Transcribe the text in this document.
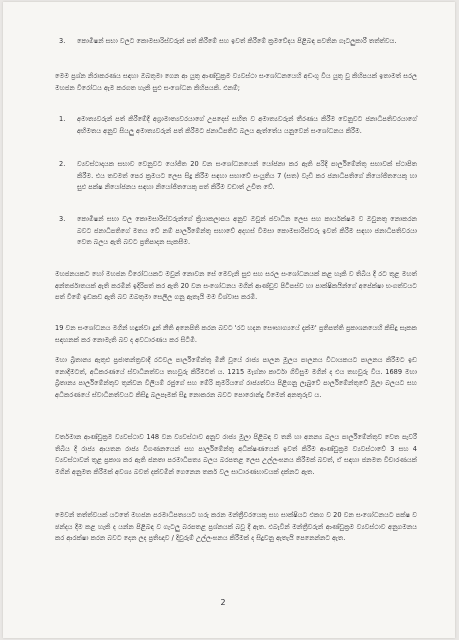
3.	කොමිෂන් සභා වලට කොමසාරිස්වරුන් පත් කිරීමේ සහ ඉවත් කිරීමේ ක්‍රමවේදය පිළිබඳ පවතින ගැටලුකාරී තත්ත්වය.

මෙම ප්‍රශ්න නිරාකරණය සඳහා ඔබතුමා ගෙන ආ යුතු ආණ්ඩුක්‍රම ව්‍යවස්ථා සංශෝධනයෙහි අඩංගු විය යුතු වු කිහිපයක් ඉතාමත් සරල මහජන විරෝධය ඇම කරගත හැකි සුළු සංශෝධන කිහිපයකි. එනම්;

1.	අමාත්‍යවරුන් පත් කිරීමේදී අග්‍රාමාත්‍යවරයාගේ උපදෙස් සහිත ව අමාත්‍යවරුන් තීරණය කිරීම වෙනුවට ජනාධිපතිවරයාගේ අභිමතය අනුව සියලු අමාත්‍යවරුන් පත් කිරීමට ජනාධිපතිට බලය ඇත්තේය යනුවෙන් සංශෝධනය කිරීම.
2.	ව්‍යවස්ථාදායක සභාව වෙනුවට යෝජිත 20 වන සංශෝධනයෙන් යෝජනා කර ඇති පරිදි පාර්ලිමේන්තු සභාවක් ස්ථාපිත කිරීම. එය තවමත් පෙර ක්‍රමයට ලෙස සිදු කිරීම සඳහා සභාවේ සංයුතිය 7 (සත) වැඩි කර ජනාධිපතිගේ නියෝජිතයෙකු හා සුළු පක්ෂ නියෝජනය සඳහා නියෝජිතයෙකු පත් කිරීම වඩාත් උචිත වේ.
3.	කොමිෂන් සභා වල කොමසාරිස්වරුන්ගේ ක්‍රියාකලාපය අනුව ඔවුන් ජවාධීන ලෙස සහ කාර්යක්ෂම ව ඔවුනතු නොකරන බවට ජනාධිපතිගේ මතය වේ නම් පාර්ලිමේන්තු සභාවේ අදහස් විමසා කොමසාරිස්වරු ඉවත් කිරීම සඳහා ජනාධිපතිවරයා වෙත බලය ඇති බවට ප්‍රතිපාදන සැකසීම.

මහජනයකට හෝ මහජන විරෝධයකට මවුන් නොවන සේ මෙවැනි සුළු සහ සරල සංශෝධනයක් කළ හැකි ව තිබිය දී රට තුළ මහත් අන්තර්ජාතයක් ඇති කරමින් ඉදිරිපත් කර ඇති 20 වන සංශෝධනය මගින් ආණ්ඩුව පිටිපස්ව හා පාක්ෂිකයින්ගේ අපේක්ෂා භංගත්වයට පත් වීමේ ඉඩකඩ ඇති බව ඔබතුමා සෙලිල ගනු ඇතැයි මම විශ්වාස කරමි.

19 වන සංශෝධනය මගින් හඳුන්වා දුන් නීති අනෙපිති කරන බවට 'රට හදන සෞභාග්‍යයේ දැක්ම' ප්‍රතිපත්ති ප්‍රකාශනයෙහි කිසිදු සැකක සඳහනක් කර නොමැති බව ද අවධාරණය කර සිටිමි.

මහා බ්‍රිතාන්‍ය ඇතුළු ප්‍රජාතන්ත්‍රවාදී රටවල පාර්ලිමේන්තු මිනී වූයේ රාජ්‍ය පාලන මූලය පාලනය වීධායකයට පාලනය කිරීමට ඉඩ නොදීමටත්, අධිකරණයේ ස්වාධීනත්වය තහවුරු කිරීමටත් ය. 1215 මැග්නා කාර්ටා ගිවිසුම මගින් ද එය තහවුරු විය. 1689 මහා බ්‍රිතාන්‍ය පාර්ලිමේන්තුව තුන්වන විලියම් රජුගේ සහ මේරි කුමරියගේ රාජ්‍යත්වය පිළිගනු ලැබුවේ පාර්ලිමේන්තුවේ මූලා බලයට සහ අධිකරණයේ ස්වාධීනත්වයට කිසිදු බලපෑමක් සිදු නොකරන බවට පොරොන්දු වීමෙන් අනතුරුව ය.

වර්තමාන ආණ්ඩුක්‍රම ව්‍යවස්ථාව 148 වන ව්‍යවස්ථාව අනුව රාජ්‍ය මූලා පිළිබඳ ව තනි හා අනන්‍ය බලය පාර්ලිමේන්තුව වෙත පැවරී තිබිය දී රාජ්‍ය ආයතන රාජ්‍ය විගණනයෙන් සහ පාර්ලිමේන්තු අධීක්ෂණයෙන් ඉවත් කිරීම ආණ්ඩුක්‍රම ව්‍යවස්ථාවේ 3 සහ 4 ව්‍යවස්ථාවන් තුළ ප්‍රකාශ කර ඇති ජනතා පරමාධිපත්‍ය බලය බරපතළ ලෙස උල්ලංඝනය කිරීමක් බවත්, ඒ සඳහා ජනමත විචාරණයක් මගින් අනුමත කිරීමක් අවශ්‍ය බවත් දක්වමින් ගෙනෙන තර්ක වල සාධාරණභාවයක් දක්නට ඇත.

මෙවන් තත්ත්වයක් යටතේ මහජන පරමාධිපත්‍යයට හරු කරන මන්ත්‍රීවරයෙකු සහ සාක්ෂියට එකග ව 20 වන සංශෝධනයට පක්ෂ ව ඡන්දය දීම කළ හැකි ද යන්න පිළිබඳ ව ගැටලු බරපතළ ප්‍රශ්නයක් බවු දී ඇත. එබැවින් මන්ත්‍රීවරුන් ආණ්ඩුක්‍රම ව්‍යවස්ථාව අනුගමනය කර ආරක්ෂා කරන බවට දෙන ලද ප්‍රතිඥාව / දිවුරුම් උල්ලංඝනය කිරීමක් ද සිදුවනු ඇතැයි පෙනෙන්නට ඇත.

2
